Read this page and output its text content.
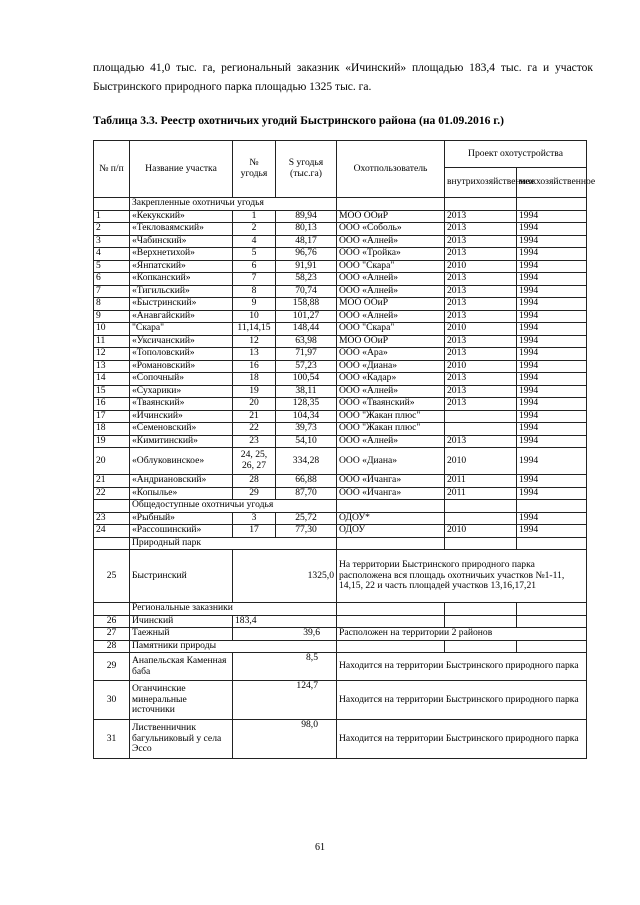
площадью 41,0 тыс. га, региональный заказник «Ичинский» площадью 183,4 тыс. га и участок Быстринского природного парка площадью 1325 тыс. га.
Таблица 3.3. Реестр охотничьих угодий Быстринского района (на 01.09.2016 г.)
№ п/п	Название участка	№ угодья	S угодья (тыс.га)	Охотпользователь	Проект охотустройства	
					внутрихозяйственное	межхозяйственное
	Закрепленные охотничьи угодья					
1	«Кекукский»	1	89,94	МОО ООиР	2013	1994
2	«Текловаямский»	2	80,13	ООО «Соболь»	2013	1994
3	«Чабинский»	4	48,17	ООО «Алней»	2013	1994
4	«Верхнетихой»	5	96,76	ООО «Тройка»	2013	1994
5	«Янпатский»	6	91,91	ООО "Скара"	2010	1994
6	«Копканский»	7	58,23	ООО «Алней»	2013	1994
7	«Тигильский»	8	70,74	ООО «Алней»	2013	1994
8	«Быстринский»	9	158,88	МОО ООиР	2013	1994
9	«Анавгайский»	10	101,27	ООО «Алней»	2013	1994
10	"Скара"	11,14,15	148,44	ООО "Скара"	2010	1994
11	«Уксичанский»	12	63,98	МОО ООиР	2013	1994
12	«Тополовский»	13	71,97	ООО «Ара»	2013	1994
13	«Романовский»	16	57,23	ООО «Диана»	2010	1994
14	«Сопочный»	18	100,54	ООО «Кадар»	2013	1994
15	«Сухарики»	19	38,11	ООО «Алней»	2013	1994
16	«Тваянский»	20	128,35	ООО «Тваянский»	2013	1994
17	«Ичинский»	21	104,34	ООО "Жакан плюс"		1994
18	«Семеновский»	22	39,73	ООО "Жакан плюс"		1994
19	«Кимитинский»	23	54,10	ООО «Алней»	2013	1994
20	«Облуковинское»	24, 25, 26, 27	334,28	ООО «Диана»	2010	1994
21	«Андриановский»	28	66,88	ООО «Ичанга»	2011	1994
22	«Копылье»	29	87,70	ООО «Ичанга»	2011	1994
	Общедоступные охотничьи угодья					
23	«Рыбный»	3	25,72	ОДОУ*		1994
24	«Рассошинский»	17	77,30	ОДОУ	2010	1994
	Природный парк					
25	Быстринский	1325,0		На территории Быстринского природного парка расположена вся площадь охотничьих участков №1-11, 14,15, 22 и часть площадей участков 13,16,17,21		
	Региональные заказники					
26	Ичинский	183,4				
27	Таежный	39,6		Расположен на территории 2 районов		
28	Памятники природы					
29	Анапельская Каменная баба	8,5		Находится на территории Быстринского природного парка		
30	Оганчинские минеральные источники	124,7		Находится на территории Быстринского природного парка		
31	Лиственничник багульниковый у села Эссо	98,0		Находится на территории Быстринского природного парка		
61
